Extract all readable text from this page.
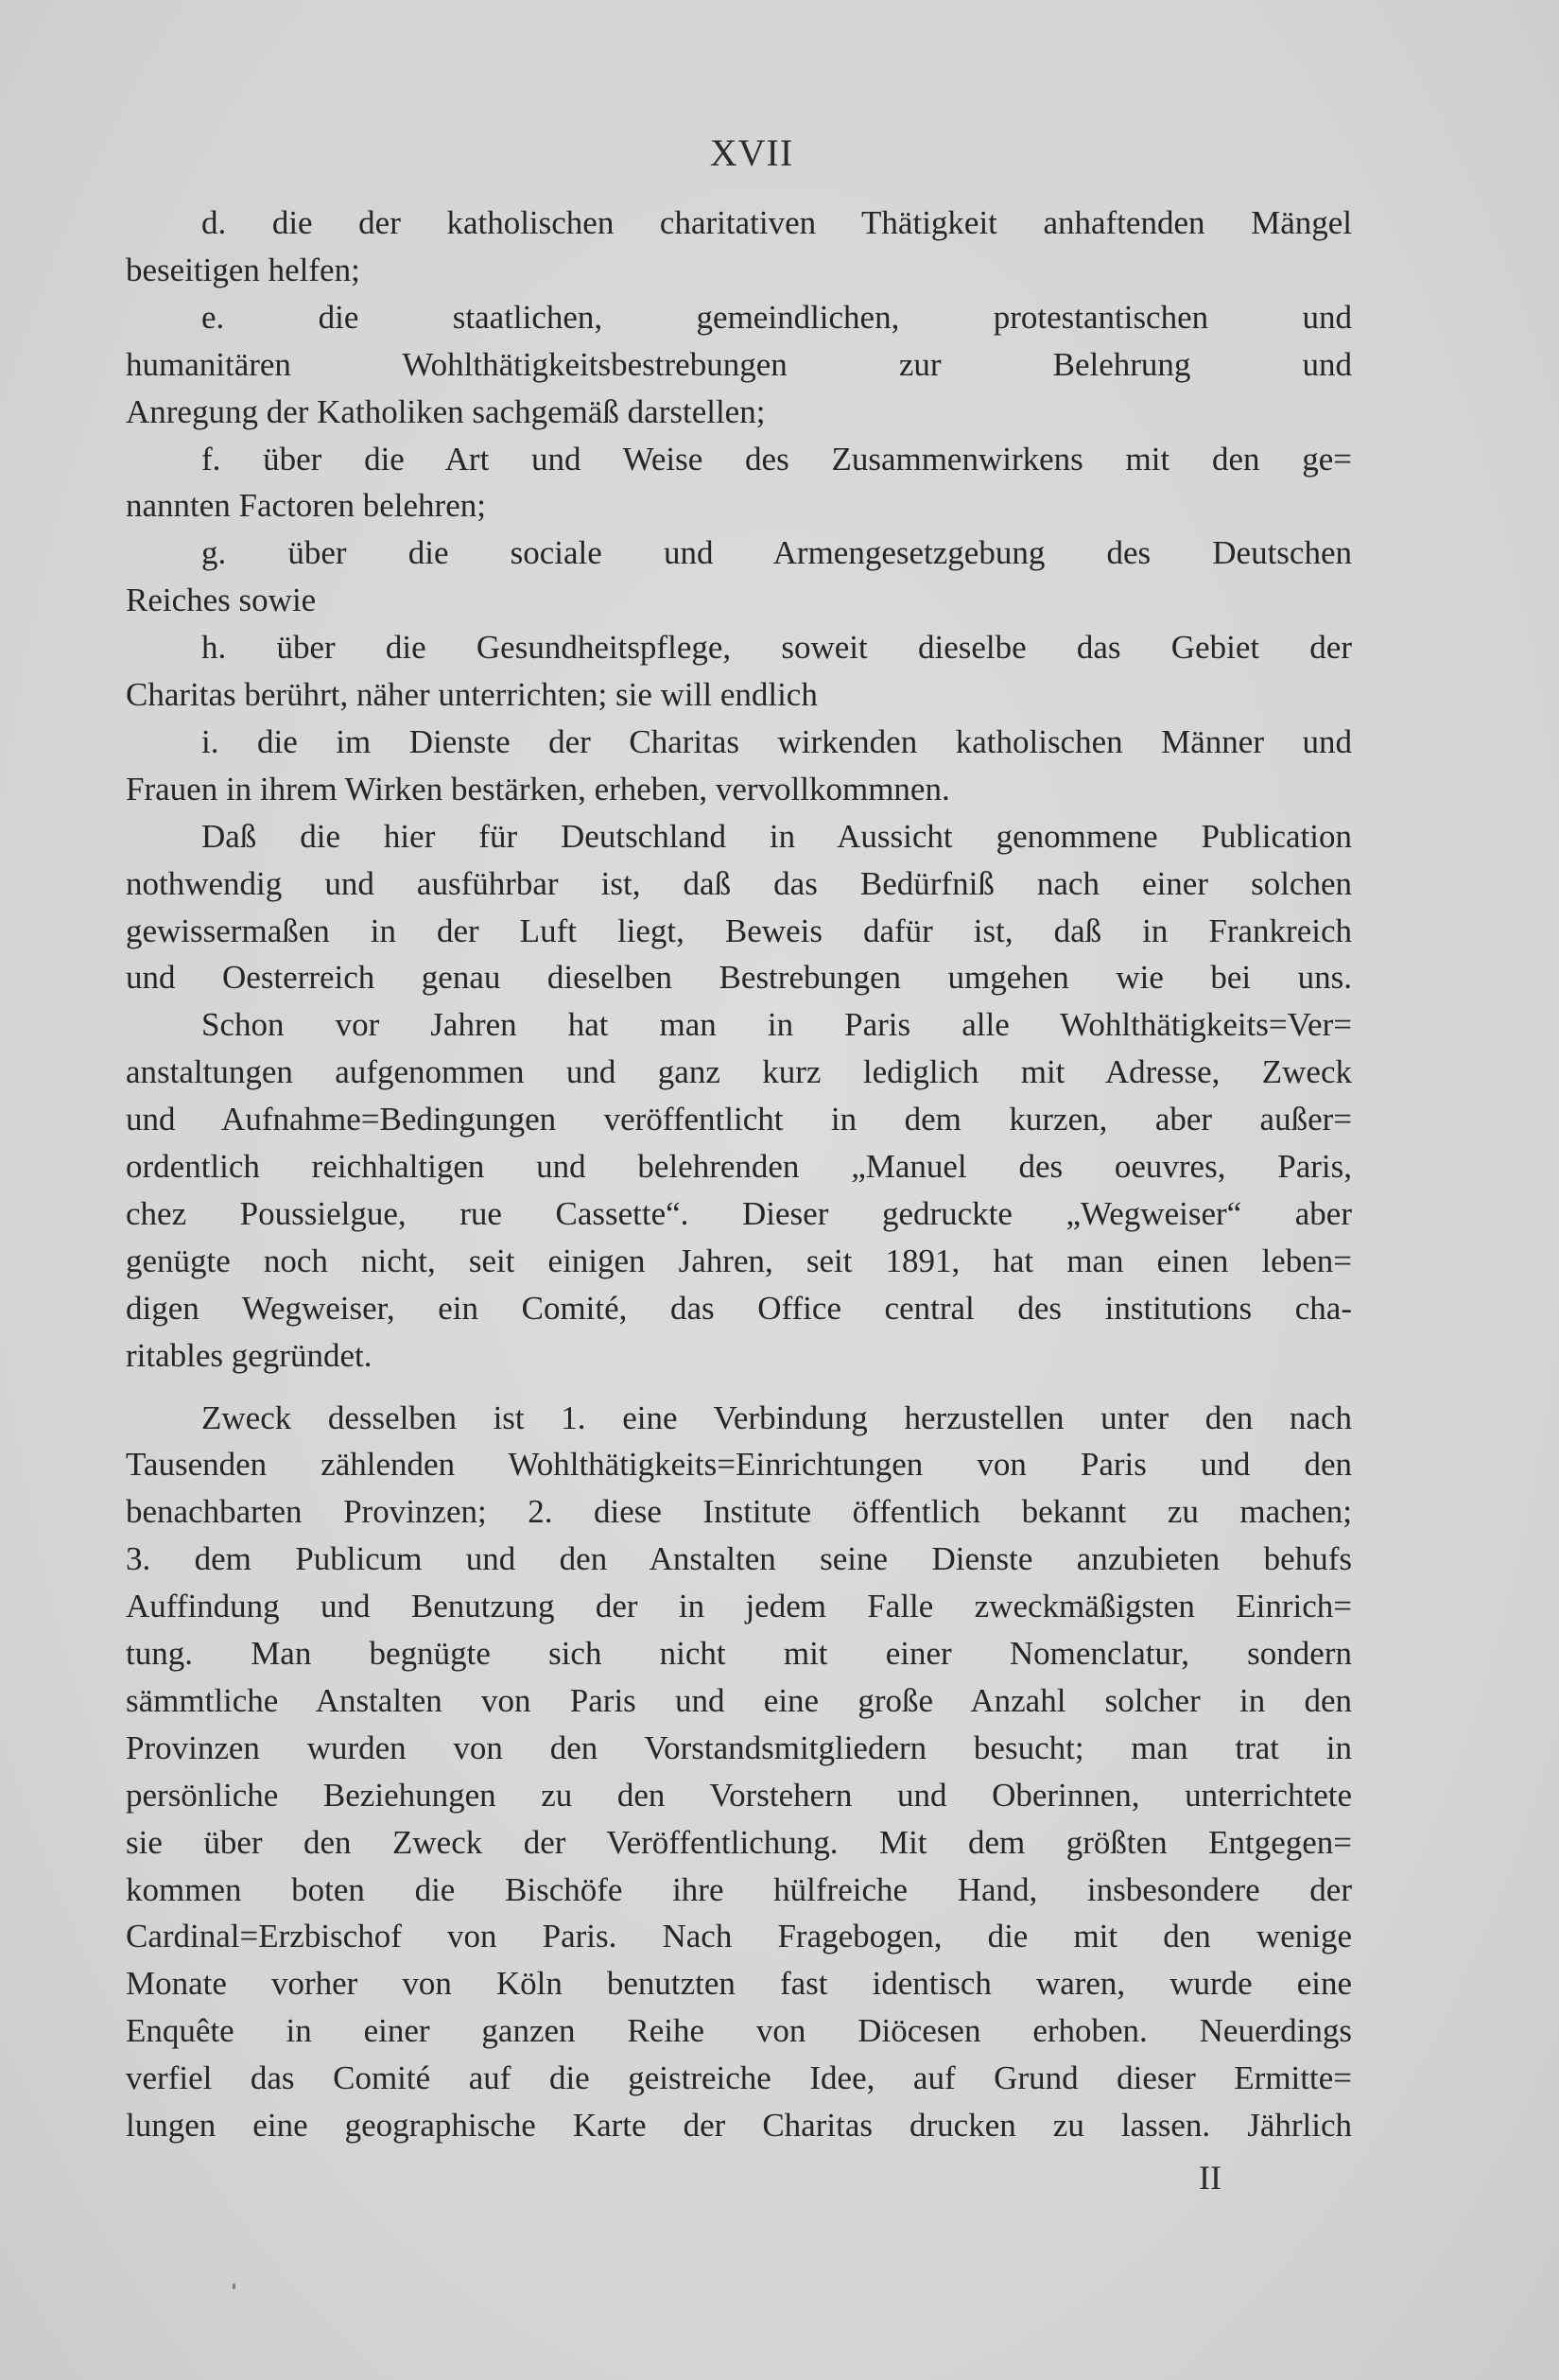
XVII
d. die der katholischen charitativen Thätigkeit anhaftenden Mängel
beseitigen helfen;
e. die staatlichen, gemeindlichen, protestantischen und
humanitären Wohlthätigkeitsbestrebungen zur Belehrung und
Anregung der Katholiken sachgemäß darstellen;
f. über die Art und Weise des Zusammenwirkens mit den ge=
nannten Factoren belehren;
g. über die sociale und Armengesetzgebung des Deutschen
Reiches sowie
h. über die Gesundheitspflege, soweit dieselbe das Gebiet der
Charitas berührt, näher unterrichten; sie will endlich
i. die im Dienste der Charitas wirkenden katholischen Männer und
Frauen in ihrem Wirken bestärken, erheben, vervollkommnen.
Daß die hier für Deutschland in Aussicht genommene Publication
nothwendig und ausführbar ist, daß das Bedürfniß nach einer solchen
gewissermaßen in der Luft liegt, Beweis dafür ist, daß in Frankreich
und Oesterreich genau dieselben Bestrebungen umgehen wie bei uns.
Schon vor Jahren hat man in Paris alle Wohlthätigkeits=Ver=
anstaltungen aufgenommen und ganz kurz lediglich mit Adresse, Zweck
und Aufnahme=Bedingungen veröffentlicht in dem kurzen, aber außer=
ordentlich reichhaltigen und belehrenden „Manuel des oeuvres, Paris,
chez Poussielgue, rue Cassette“. Dieser gedruckte „Wegweiser“ aber
genügte noch nicht, seit einigen Jahren, seit 1891, hat man einen leben=
digen Wegweiser, ein Comité, das Office central des institutions cha-
ritables gegründet.
Zweck desselben ist 1. eine Verbindung herzustellen unter den nach
Tausenden zählenden Wohlthätigkeits=Einrichtungen von Paris und den
benachbarten Provinzen; 2. diese Institute öffentlich bekannt zu machen;
3. dem Publicum und den Anstalten seine Dienste anzubieten behufs
Auffindung und Benutzung der in jedem Falle zweckmäßigsten Einrich=
tung. Man begnügte sich nicht mit einer Nomenclatur, sondern
sämmtliche Anstalten von Paris und eine große Anzahl solcher in den
Provinzen wurden von den Vorstandsmitgliedern besucht; man trat in
persönliche Beziehungen zu den Vorstehern und Oberinnen, unterrichtete
sie über den Zweck der Veröffentlichung. Mit dem größten Entgegen=
kommen boten die Bischöfe ihre hülfreiche Hand, insbesondere der
Cardinal=Erzbischof von Paris. Nach Fragebogen, die mit den wenige
Monate vorher von Köln benutzten fast identisch waren, wurde eine
Enquête in einer ganzen Reihe von Diöcesen erhoben. Neuerdings
verfiel das Comité auf die geistreiche Idee, auf Grund dieser Ermitte=
lungen eine geographische Karte der Charitas drucken zu lassen. Jährlich
II
